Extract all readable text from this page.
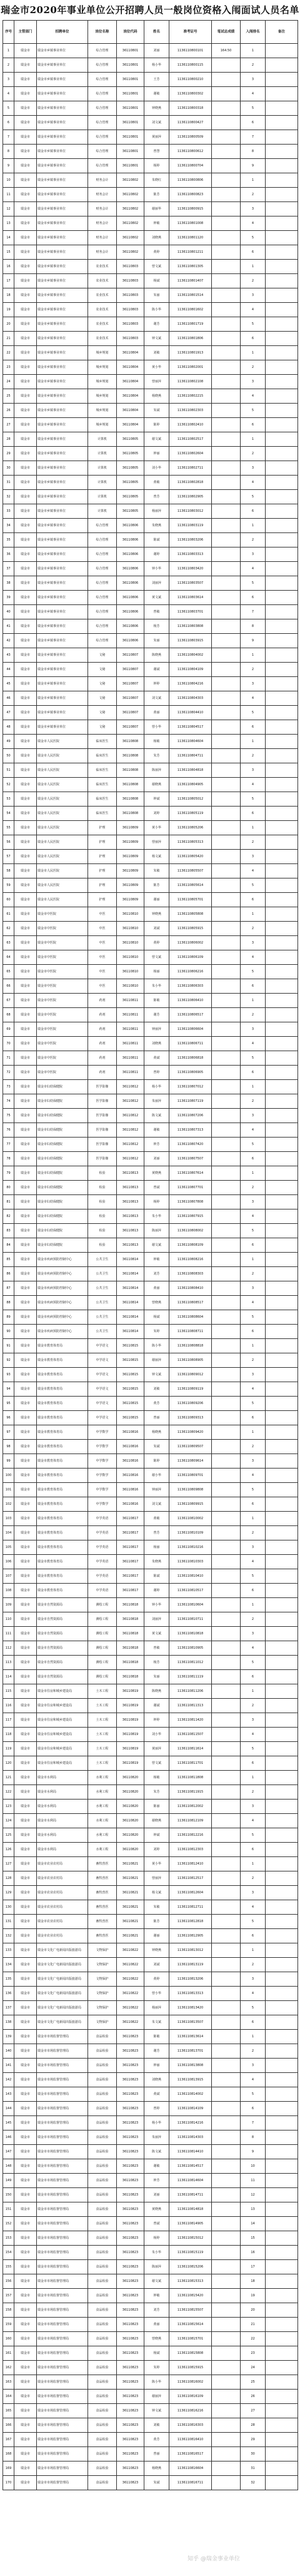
瑞金市2020年事业单位公开招聘人员一般岗位资格入闱面试人员名单
序号	主管部门	招聘单位	岗位名称	岗位代码	姓名	准考证号	笔试总成绩	入闱排名	备注
1	瑞金市	瑞金市乡镇事业单位	综合管理	36110801	刘丽	1136110800101	164.50	1	
2	瑞金市	瑞金市乡镇事业单位	综合管理	36110801	杨小华	1136110800115		2	
3	瑞金市	瑞金市乡镇事业单位	综合管理	36110801	王芳	1136110800210		3	
4	瑞金市	瑞金市乡镇事业单位	综合管理	36110801	谢敏	1136110800302		4	
5	瑞金市	瑞金市乡镇事业单位	综合管理	36110801	钟晓燕	1136110800318		5	
6	瑞金市	瑞金市乡镇事业单位	综合管理	36110801	刘文斌	1136110800427		6	
7	瑞金市	瑞金市乡镇事业单位	综合管理	36110801	黄丽萍	1136110800509		7	
8	瑞金市	瑞金市乡镇事业单位	综合管理	36110801	曾慧	1136110800612		8	
9	瑞金市	瑞金市乡镇事业单位	综合管理	36110801	杨婷	1136110800704		9	
10	瑞金市	瑞金市乡镇事业单位	财务会计	36110802	朱晓红	1136110800806		1	
11	瑞金市	瑞金市乡镇事业单位	财务会计	36110802	陈芳	1136110800823		2	
12	瑞金市	瑞金市乡镇事业单位	财务会计	36110802	谢丽华	1136110800915		3	
13	瑞金市	瑞金市乡镇事业单位	财务会计	36110802	钟敏	1136110801008		4	
14	瑞金市	瑞金市乡镇事业单位	财务会计	36110802	刘晓燕	1136110801120		5	
15	瑞金市	瑞金市乡镇事业单位	财务会计	36110802	黄婷	1136110801211		6	
16	瑞金市	瑞金市乡镇事业单位	农业技术	36110803	曾文斌	1136110801305		1	
17	瑞金市	瑞金市乡镇事业单位	农业技术	36110803	杨斌	1136110801407		2	
18	瑞金市	瑞金市乡镇事业单位	农业技术	36110803	朱丽	1136110801514		3	
19	瑞金市	瑞金市乡镇事业单位	农业技术	36110803	陈小华	1136110801602		4	
20	瑞金市	瑞金市乡镇事业单位	农业技术	36110803	谢芳	1136110801719		5	
21	瑞金市	瑞金市乡镇事业单位	农业技术	36110803	钟文斌	1136110801806		6	
22	瑞金市	瑞金市乡镇事业单位	城乡规划	36110804	刘敏	1136110801913		1	
23	瑞金市	瑞金市乡镇事业单位	城乡规划	36110804	黄小华	1136110802001		2	
24	瑞金市	瑞金市乡镇事业单位	城乡规划	36110804	曾丽萍	1136110802108		3	
25	瑞金市	瑞金市乡镇事业单位	城乡规划	36110804	杨晓燕	1136110802215		4	
26	瑞金市	瑞金市乡镇事业单位	城乡规划	36110804	朱斌	1136110802303		5	
27	瑞金市	瑞金市乡镇事业单位	城乡规划	36110804	陈婷	1136110802410		6	
28	瑞金市	瑞金市乡镇事业单位	计算机	36110805	谢文斌	1136110802517		1	
29	瑞金市	瑞金市乡镇事业单位	计算机	36110805	钟丽	1136110802604		2	
30	瑞金市	瑞金市乡镇事业单位	计算机	36110805	刘小华	1136110802711		3	
31	瑞金市	瑞金市乡镇事业单位	计算机	36110805	黄敏	1136110802818		4	
32	瑞金市	瑞金市乡镇事业单位	计算机	36110805	曾芳	1136110802905		5	
33	瑞金市	瑞金市乡镇事业单位	计算机	36110805	杨丽萍	1136110803012		6	
34	瑞金市	瑞金市乡镇事业单位	综合管理	36110806	朱晓燕	1136110803119		1	
35	瑞金市	瑞金市乡镇事业单位	综合管理	36110806	陈斌	1136110803206		2	
36	瑞金市	瑞金市乡镇事业单位	综合管理	36110806	谢婷	1136110803313		3	
37	瑞金市	瑞金市乡镇事业单位	综合管理	36110806	钟小华	1136110803420		4	
38	瑞金市	瑞金市乡镇事业单位	综合管理	36110806	刘丽萍	1136110803507		5	
39	瑞金市	瑞金市乡镇事业单位	综合管理	36110806	黄文斌	1136110803614		6	
40	瑞金市	瑞金市乡镇事业单位	综合管理	36110806	曾敏	1136110803701		7	
41	瑞金市	瑞金市乡镇事业单位	综合管理	36110806	杨芳	1136110803808		8	
42	瑞金市	瑞金市乡镇事业单位	综合管理	36110806	朱丽	1136110803915		9	
43	瑞金市	瑞金市乡镇事业单位	文秘	36110807	陈晓燕	1136110804002		1	
44	瑞金市	瑞金市乡镇事业单位	文秘	36110807	谢斌	1136110804109		2	
45	瑞金市	瑞金市乡镇事业单位	文秘	36110807	钟婷	1136110804216		3	
46	瑞金市	瑞金市乡镇事业单位	文秘	36110807	刘文斌	1136110804303		4	
47	瑞金市	瑞金市乡镇事业单位	文秘	36110807	黄丽	1136110804410		5	
48	瑞金市	瑞金市乡镇事业单位	文秘	36110807	曾小华	1136110804517		6	
49	瑞金市	瑞金市人民医院	临床医生	36110808	杨敏	1136110804604		1	
50	瑞金市	瑞金市人民医院	临床医生	36110808	朱芳	1136110804711		2	
51	瑞金市	瑞金市人民医院	临床医生	36110808	陈丽萍	1136110804818		3	
52	瑞金市	瑞金市人民医院	临床医生	36110808	谢晓燕	1136110804905		4	
53	瑞金市	瑞金市人民医院	临床医生	36110808	钟斌	1136110805012		5	
54	瑞金市	瑞金市人民医院	临床医生	36110808	刘婷	1136110805119		6	
55	瑞金市	瑞金市人民医院	护理	36110809	黄小华	1136110805206		1	
56	瑞金市	瑞金市人民医院	护理	36110809	曾丽萍	1136110805313		2	
57	瑞金市	瑞金市人民医院	护理	36110809	杨文斌	1136110805420		3	
58	瑞金市	瑞金市人民医院	护理	36110809	朱敏	1136110805507		4	
59	瑞金市	瑞金市人民医院	护理	36110809	陈芳	1136110805614		5	
60	瑞金市	瑞金市人民医院	护理	36110809	谢丽	1136110805701		6	
61	瑞金市	瑞金市中医院	中医	36110810	钟晓燕	1136110805808		1	
62	瑞金市	瑞金市中医院	中医	36110810	刘斌	1136110805915		2	
63	瑞金市	瑞金市中医院	中医	36110810	黄婷	1136110806002		3	
64	瑞金市	瑞金市中医院	中医	36110810	曾文斌	1136110806109		4	
65	瑞金市	瑞金市中医院	中医	36110810	杨丽	1136110806216		5	
66	瑞金市	瑞金市中医院	中医	36110810	朱小华	1136110806303		6	
67	瑞金市	瑞金市中医院	药剂	36110811	陈敏	1136110806410		1	
68	瑞金市	瑞金市中医院	药剂	36110811	谢芳	1136110806517		2	
69	瑞金市	瑞金市中医院	药剂	36110811	钟丽萍	1136110806604		3	
70	瑞金市	瑞金市中医院	药剂	36110811	刘晓燕	1136110806711		4	
71	瑞金市	瑞金市中医院	药剂	36110811	黄斌	1136110806818		5	
72	瑞金市	瑞金市中医院	药剂	36110811	曾婷	1136110806905		6	
73	瑞金市	瑞金市妇幼保健院	医学影像	36110812	杨小华	1136110807012		1	
74	瑞金市	瑞金市妇幼保健院	医学影像	36110812	朱丽萍	1136110807119		2	
75	瑞金市	瑞金市妇幼保健院	医学影像	36110812	陈文斌	1136110807206		3	
76	瑞金市	瑞金市妇幼保健院	医学影像	36110812	谢敏	1136110807313		4	
77	瑞金市	瑞金市妇幼保健院	医学影像	36110812	钟芳	1136110807420		5	
78	瑞金市	瑞金市妇幼保健院	医学影像	36110812	刘丽	1136110807507		6	
79	瑞金市	瑞金市妇幼保健院	检验	36110813	黄晓燕	1136110807614		1	
80	瑞金市	瑞金市妇幼保健院	检验	36110813	曾斌	1136110807701		2	
81	瑞金市	瑞金市妇幼保健院	检验	36110813	杨婷	1136110807808		3	
82	瑞金市	瑞金市妇幼保健院	检验	36110813	朱小华	1136110807915		4	
83	瑞金市	瑞金市妇幼保健院	检验	36110813	陈丽萍	1136110808002		5	
84	瑞金市	瑞金市妇幼保健院	检验	36110813	谢文斌	1136110808109		6	
85	瑞金市	瑞金市疾病预防控制中心	公共卫生	36110814	钟敏	1136110808216		1	
86	瑞金市	瑞金市疾病预防控制中心	公共卫生	36110814	刘芳	1136110808303		2	
87	瑞金市	瑞金市疾病预防控制中心	公共卫生	36110814	黄丽	1136110808410		3	
88	瑞金市	瑞金市疾病预防控制中心	公共卫生	36110814	曾晓燕	1136110808517		4	
89	瑞金市	瑞金市疾病预防控制中心	公共卫生	36110814	杨斌	1136110808604		5	
90	瑞金市	瑞金市疾病预防控制中心	公共卫生	36110814	朱婷	1136110808711		6	
91	瑞金市	瑞金市教育体育局	中学语文	36110815	陈小华	1136110808818		1	
92	瑞金市	瑞金市教育体育局	中学语文	36110815	谢丽萍	1136110808905		2	
93	瑞金市	瑞金市教育体育局	中学语文	36110815	钟文斌	1136110809012		3	
94	瑞金市	瑞金市教育体育局	中学语文	36110815	刘敏	1136110809119		4	
95	瑞金市	瑞金市教育体育局	中学语文	36110815	黄芳	1136110809206		5	
96	瑞金市	瑞金市教育体育局	中学语文	36110815	曾丽	1136110809313		6	
97	瑞金市	瑞金市教育体育局	中学数学	36110816	杨晓燕	1136110809420		1	
98	瑞金市	瑞金市教育体育局	中学数学	36110816	朱斌	1136110809507		2	
99	瑞金市	瑞金市教育体育局	中学数学	36110816	陈婷	1136110809614		3	
100	瑞金市	瑞金市教育体育局	中学数学	36110816	谢小华	1136110809701		4	
101	瑞金市	瑞金市教育体育局	中学数学	36110816	钟丽萍	1136110809808		5	
102	瑞金市	瑞金市教育体育局	中学数学	36110816	刘文斌	1136110809915		6	
103	瑞金市	瑞金市教育体育局	中学英语	36110817	黄敏	1136110810002		1	
104	瑞金市	瑞金市教育体育局	中学英语	36110817	曾芳	1136110810109		2	
105	瑞金市	瑞金市教育体育局	中学英语	36110817	杨丽	1136110810216		3	
106	瑞金市	瑞金市教育体育局	中学英语	36110817	朱晓燕	1136110810303		4	
107	瑞金市	瑞金市教育体育局	中学英语	36110817	陈斌	1136110810410		5	
108	瑞金市	瑞金市教育体育局	中学英语	36110817	谢婷	1136110810517		6	
109	瑞金市	瑞金市自然资源局	测绘工程	36110818	钟小华	1136110810604		1	
110	瑞金市	瑞金市自然资源局	测绘工程	36110818	刘丽萍	1136110810711		2	
111	瑞金市	瑞金市自然资源局	测绘工程	36110818	黄文斌	1136110810818		3	
112	瑞金市	瑞金市自然资源局	测绘工程	36110818	曾敏	1136110810905		4	
113	瑞金市	瑞金市自然资源局	测绘工程	36110818	杨芳	1136110811012		5	
114	瑞金市	瑞金市自然资源局	测绘工程	36110818	朱丽	1136110811119		6	
115	瑞金市	瑞金市住房和城乡建设局	土木工程	36110819	陈晓燕	1136110811206		1	
116	瑞金市	瑞金市住房和城乡建设局	土木工程	36110819	谢斌	1136110811313		2	
117	瑞金市	瑞金市住房和城乡建设局	土木工程	36110819	钟婷	1136110811420		3	
118	瑞金市	瑞金市住房和城乡建设局	土木工程	36110819	刘小华	1136110811507		4	
119	瑞金市	瑞金市住房和城乡建设局	土木工程	36110819	黄丽萍	1136110811614		5	
120	瑞金市	瑞金市住房和城乡建设局	土木工程	36110819	曾文斌	1136110811701		6	
121	瑞金市	瑞金市水利局	水利工程	36110820	杨敏	1136110811808		1	
122	瑞金市	瑞金市水利局	水利工程	36110820	朱芳	1136110811915		2	
123	瑞金市	瑞金市水利局	水利工程	36110820	陈丽	1136110812002		3	
124	瑞金市	瑞金市水利局	水利工程	36110820	谢晓燕	1136110812109		4	
125	瑞金市	瑞金市水利局	水利工程	36110820	钟斌	1136110812216		5	
126	瑞金市	瑞金市水利局	水利工程	36110820	刘婷	1136110812303		6	
127	瑞金市	瑞金市农业农村局	畜牧兽医	36110821	黄小华	1136110812410		1	
128	瑞金市	瑞金市农业农村局	畜牧兽医	36110821	曾丽萍	1136110812517		2	
129	瑞金市	瑞金市农业农村局	畜牧兽医	36110821	杨文斌	1136110812604		3	
130	瑞金市	瑞金市农业农村局	畜牧兽医	36110821	朱敏	1136110812711		4	
131	瑞金市	瑞金市农业农村局	畜牧兽医	36110821	陈芳	1136110812818		5	
132	瑞金市	瑞金市农业农村局	畜牧兽医	36110821	谢丽	1136110812905		6	
133	瑞金市	瑞金市文化广电新闻出版旅游局	文物保护	36110822	钟晓燕	1136110813012		1	
134	瑞金市	瑞金市文化广电新闻出版旅游局	文物保护	36110822	刘斌	1136110813119		2	
135	瑞金市	瑞金市文化广电新闻出版旅游局	文物保护	36110822	黄婷	1136110813206		3	
136	瑞金市	瑞金市文化广电新闻出版旅游局	文物保护	36110822	曾小华	1136110813313		4	
137	瑞金市	瑞金市文化广电新闻出版旅游局	文物保护	36110822	杨丽萍	1136110813420		5	
138	瑞金市	瑞金市文化广电新闻出版旅游局	文物保护	36110822	朱文斌	1136110813507		6	
139	瑞金市	瑞金市市场监督管理局	食品检验	36110823	陈敏	1136110813614		1	
140	瑞金市	瑞金市市场监督管理局	食品检验	36110823	谢芳	1136110813701		2	
141	瑞金市	瑞金市市场监督管理局	食品检验	36110823	钟丽	1136110813808		3	
142	瑞金市	瑞金市市场监督管理局	食品检验	36110823	刘晓燕	1136110813915		4	
143	瑞金市	瑞金市市场监督管理局	食品检验	36110823	黄斌	1136110814002		5	
144	瑞金市	瑞金市市场监督管理局	食品检验	36110823	曾婷	1136110814109		6	
145	瑞金市	瑞金市市场监督管理局	食品检验	36110823	杨小华	1136110814216		7	
146	瑞金市	瑞金市市场监督管理局	食品检验	36110823	朱丽萍	1136110814303		8	
147	瑞金市	瑞金市市场监督管理局	食品检验	36110823	陈文斌	1136110814410		9	
148	瑞金市	瑞金市市场监督管理局	食品检验	36110823	谢敏	1136110814517		10	
149	瑞金市	瑞金市市场监督管理局	食品检验	36110823	钟芳	1136110814604		11	
150	瑞金市	瑞金市市场监督管理局	食品检验	36110823	刘丽	1136110814711		12	
151	瑞金市	瑞金市市场监督管理局	食品检验	36110823	黄晓燕	1136110814818		13	
152	瑞金市	瑞金市市场监督管理局	食品检验	36110823	曾斌	1136110814905		14	
153	瑞金市	瑞金市市场监督管理局	食品检验	36110823	杨婷	1136110815012		15	
154	瑞金市	瑞金市市场监督管理局	食品检验	36110823	朱小华	1136110815119		16	
155	瑞金市	瑞金市市场监督管理局	食品检验	36110823	陈丽萍	1136110815206		17	
156	瑞金市	瑞金市市场监督管理局	食品检验	36110823	谢文斌	1136110815313		18	
157	瑞金市	瑞金市市场监督管理局	食品检验	36110823	钟敏	1136110815420		19	
158	瑞金市	瑞金市市场监督管理局	食品检验	36110823	刘芳	1136110815507		20	
159	瑞金市	瑞金市市场监督管理局	食品检验	36110823	黄丽	1136110815614		21	
160	瑞金市	瑞金市市场监督管理局	食品检验	36110823	曾晓燕	1136110815701		22	
161	瑞金市	瑞金市市场监督管理局	食品检验	36110823	杨斌	1136110815808		23	
162	瑞金市	瑞金市市场监督管理局	食品检验	36110823	朱婷	1136110815915		24	
163	瑞金市	瑞金市市场监督管理局	食品检验	36110823	陈小华	1136110816002		25	
164	瑞金市	瑞金市市场监督管理局	食品检验	36110823	谢丽萍	1136110816109		26	
165	瑞金市	瑞金市市场监督管理局	食品检验	36110823	钟文斌	1136110816216		27	
166	瑞金市	瑞金市市场监督管理局	食品检验	36110823	刘敏	1136110816303		28	
167	瑞金市	瑞金市市场监督管理局	食品检验	36110823	黄芳	1136110816410		29	
168	瑞金市	瑞金市市场监督管理局	食品检验	36110823	曾丽	1136110816517		30	
169	瑞金市	瑞金市市场监督管理局	食品检验	36110823	杨晓燕	1136110816604		31	
170	瑞金市	瑞金市市场监督管理局	食品检验	36110823	朱斌	1136110816711		32	
知乎 @瑞金事业单位
